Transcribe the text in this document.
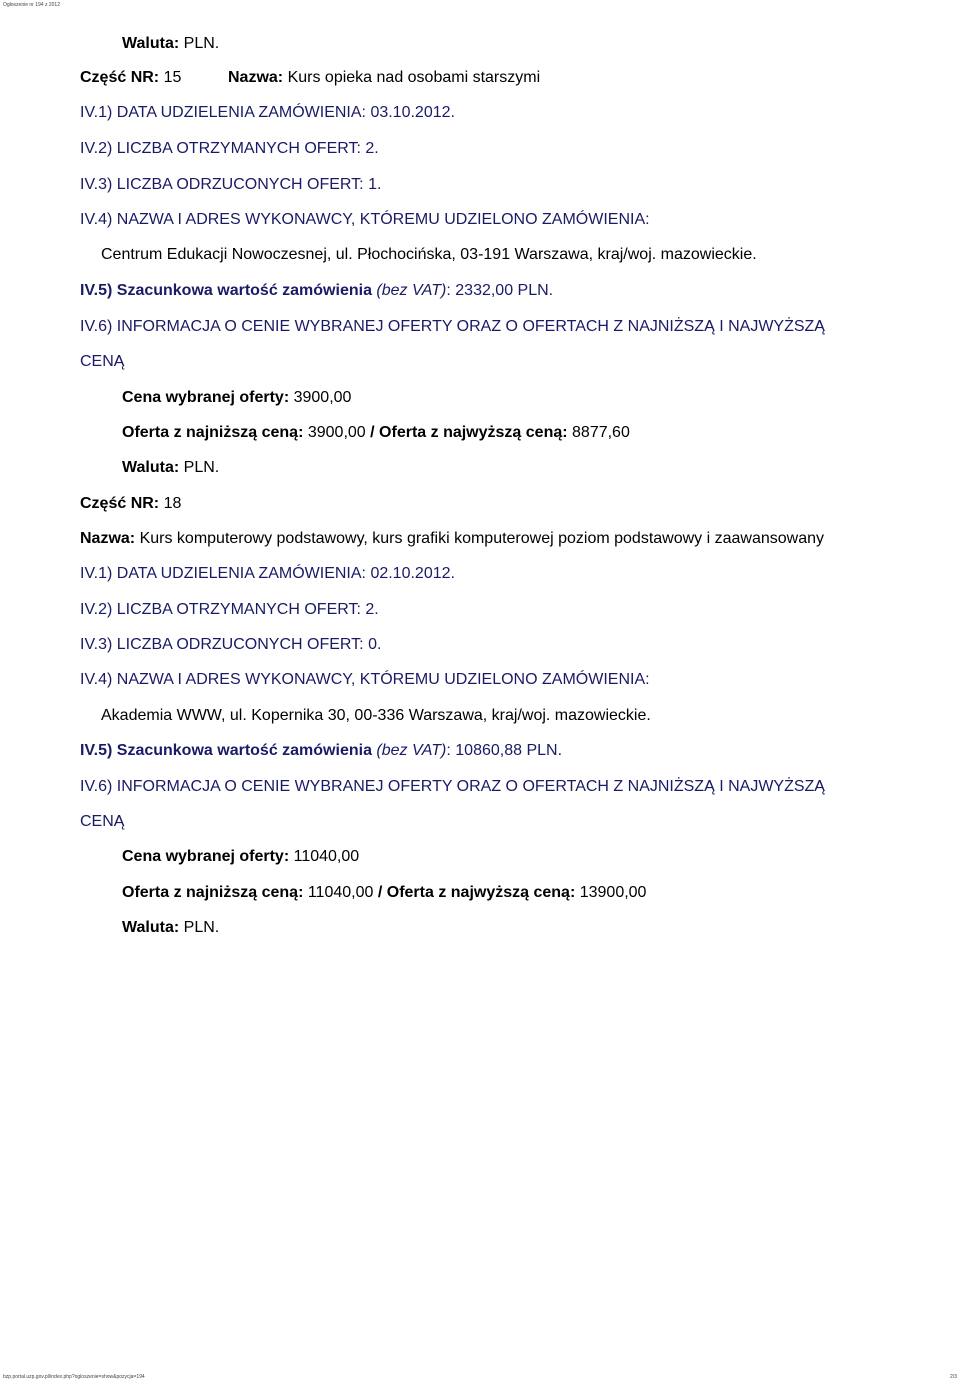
Ogłoszenie nr 194 z 2012
Waluta: PLN.
Część NR: 15	Nazwa: Kurs opieka nad osobami starszymi
IV.1) DATA UDZIELENIA ZAMÓWIENIA: 03.10.2012.
IV.2) LICZBA OTRZYMANYCH OFERT: 2.
IV.3) LICZBA ODRZUCONYCH OFERT: 1.
IV.4) NAZWA I ADRES WYKONAWCY, KTÓREMU UDZIELONO ZAMÓWIENIA:
Centrum Edukacji Nowoczesnej, ul. Płochocińska, 03-191 Warszawa, kraj/woj. mazowieckie.
IV.5) Szacunkowa wartość zamówienia (bez VAT): 2332,00 PLN.
IV.6) INFORMACJA O CENIE WYBRANEJ OFERTY ORAZ O OFERTACH Z NAJNIŻSZĄ I NAJWYŻSZĄ
CENĄ
Cena wybranej oferty: 3900,00
Oferta z najniższą ceną: 3900,00 / Oferta z najwyższą ceną: 8877,60
Waluta: PLN.
Część NR: 18
Nazwa: Kurs komputerowy podstawowy, kurs grafiki komputerowej poziom podstawowy i zaawansowany
IV.1) DATA UDZIELENIA ZAMÓWIENIA: 02.10.2012.
IV.2) LICZBA OTRZYMANYCH OFERT: 2.
IV.3) LICZBA ODRZUCONYCH OFERT: 0.
IV.4) NAZWA I ADRES WYKONAWCY, KTÓREMU UDZIELONO ZAMÓWIENIA:
Akademia WWW, ul. Kopernika 30, 00-336 Warszawa, kraj/woj. mazowieckie.
IV.5) Szacunkowa wartość zamówienia (bez VAT): 10860,88 PLN.
IV.6) INFORMACJA O CENIE WYBRANEJ OFERTY ORAZ O OFERTACH Z NAJNIŻSZĄ I NAJWYŻSZĄ
CENĄ
Cena wybranej oferty: 11040,00
Oferta z najniższą ceną: 11040,00 / Oferta z najwyższą ceną: 13900,00
Waluta: PLN.
bzp.portal.uzp.gov.pl/index.php?ogloszenie=show&pozycja=194	2/3
